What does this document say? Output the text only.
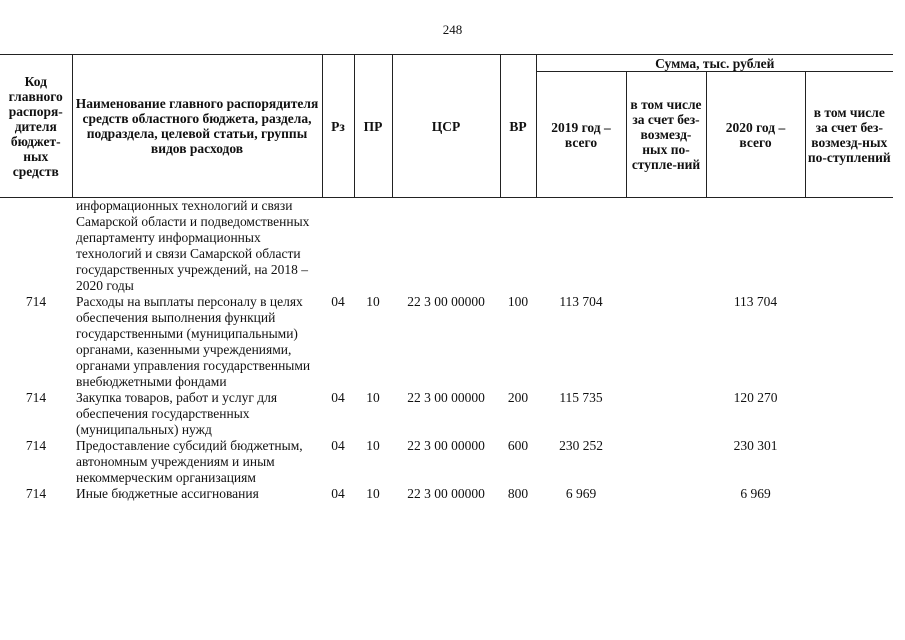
248
Код главного распоря-дителя бюджет-ных средств	Наименование главного распорядителя средств областного бюджета, раздела, подраздела, целевой статьи, группы видов расходов	Рз	ПР	ЦСР	ВР	Сумма, тыс. рублей			
						2019 год – всего	в том числе за счет без-возмезд-ных по-ступле-ний	2020 год – всего	в том числе за счет без-возмезд-ных по-ступлений
	информационных технологий и связи Самарской области и подведомственных департаменту информационных технологий и связи Самарской области государственных учреждений, на 2018 – 2020 годы								
714	Расходы на выплаты персоналу в целях обеспечения выполнения функций государственными (муниципальными) органами, казенными учреждениями, органами управления государственными внебюджетными фондами	04	10	22 3 00 00000	100	113 704		113 704	
714	Закупка товаров, работ и услуг для обеспечения государственных (муниципальных) нужд	04	10	22 3 00 00000	200	115 735		120 270	
714	Предоставление субсидий бюджетным, автономным учреждениям и иным некоммерческим организациям	04	10	22 3 00 00000	600	230 252		230 301	
714	Иные бюджетные ассигнования	04	10	22 3 00 00000	800	6 969		6 969	
